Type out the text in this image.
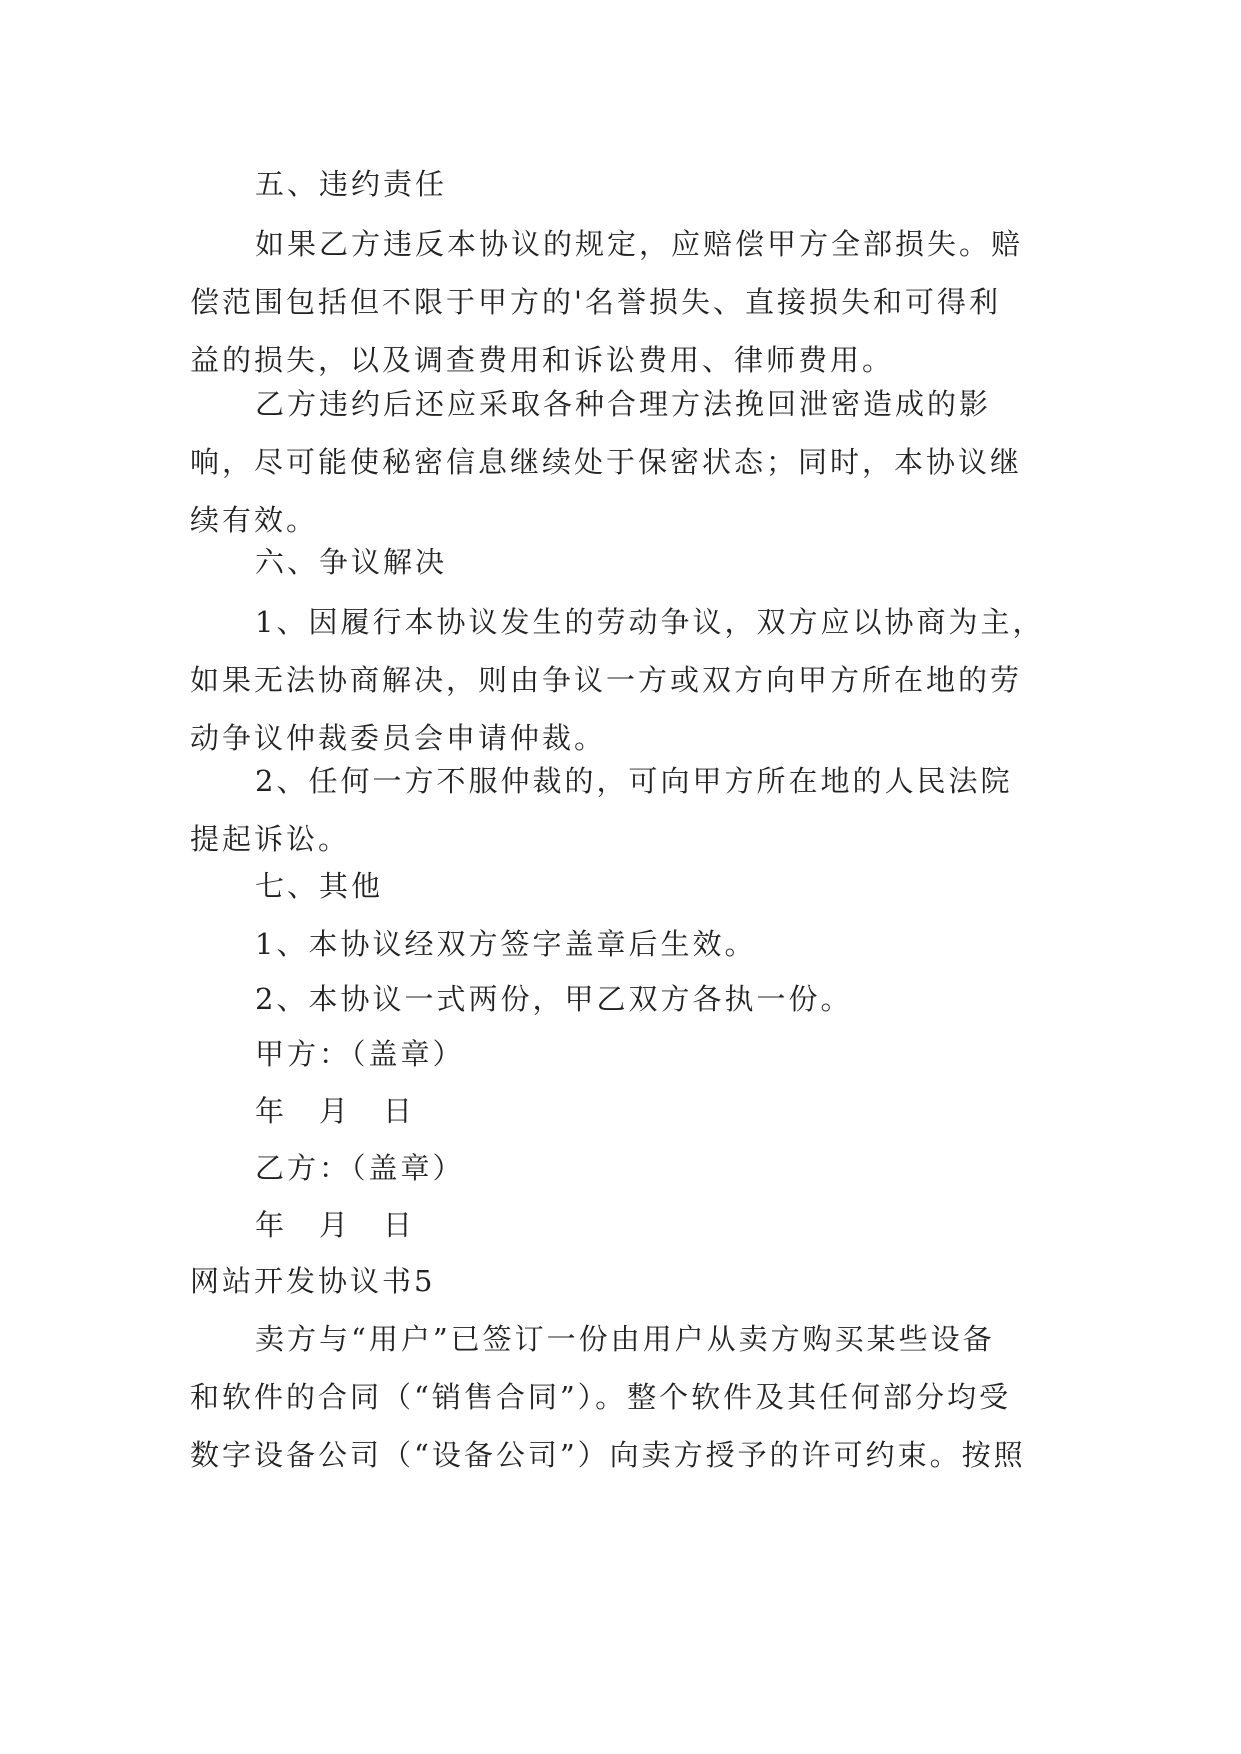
五、违约责任
如果乙方违反本协议的规定，应赔偿甲方全部损失。赔
偿范围包括但不限于甲方的'名誉损失、直接损失和可得利
益的损失，以及调查费用和诉讼费用、律师费用。
乙方违约后还应采取各种合理方法挽回泄密造成的影
响，尽可能使秘密信息继续处于保密状态；同时，本协议继
续有效。
六、争议解决
1、因履行本协议发生的劳动争议，双方应以协商为主，
如果无法协商解决，则由争议一方或双方向甲方所在地的劳
动争议仲裁委员会申请仲裁。
2、任何一方不服仲裁的，可向甲方所在地的人民法院
提起诉讼。
七、其他
1、本协议经双方签字盖章后生效。
2、本协议一式两份，甲乙双方各执一份。
甲方：（盖章）
年　月　日
乙方：（盖章）
年　月　日
网站开发协议书5
卖方与“用户”已签订一份由用户从卖方购买某些设备
和软件的合同（“销售合同”）。整个软件及其任何部分均受
数字设备公司（“设备公司”）向卖方授予的许可约束。按照
